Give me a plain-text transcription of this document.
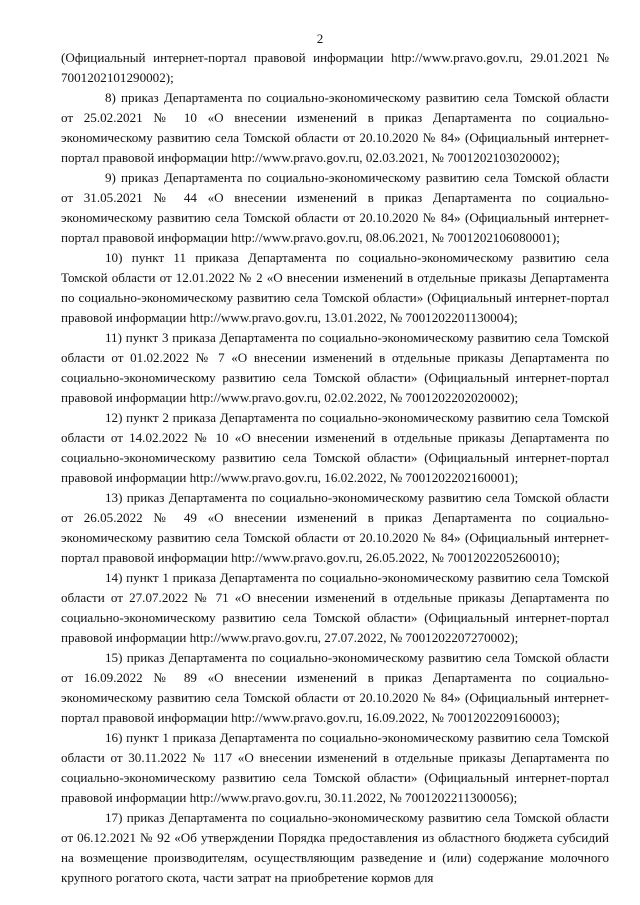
2

(Официальный интернет-портал правовой информации http://www.pravo.gov.ru, 29.01.2021 № 7001202101290002);

8) приказ Департамента по социально-экономическому развитию села Томской области от 25.02.2021 № 10 «О внесении изменений в приказ Департамента по социально-экономическому развитию села Томской области от 20.10.2020 № 84» (Официальный интернет-портал правовой информации http://www.pravo.gov.ru, 02.03.2021, № 7001202103020002);

9) приказ Департамента по социально-экономическому развитию села Томской области от 31.05.2021 № 44 «О внесении изменений в приказ Департамента по социально-экономическому развитию села Томской области от 20.10.2020 № 84» (Официальный интернет-портал правовой информации http://www.pravo.gov.ru, 08.06.2021, № 7001202106080001);

10) пункт 11 приказа Департамента по социально-экономическому развитию села Томской области от 12.01.2022 № 2 «О внесении изменений в отдельные приказы Департамента по социально-экономическому развитию села Томской области» (Официальный интернет-портал правовой информации http://www.pravo.gov.ru, 13.01.2022, № 7001202201130004);

11) пункт 3 приказа Департамента по социально-экономическому развитию села Томской области от 01.02.2022 № 7 «О внесении изменений в отдельные приказы Департамента по социально-экономическому развитию села Томской области» (Официальный интернет-портал правовой информации http://www.pravo.gov.ru, 02.02.2022, № 7001202202020002);

12) пункт 2 приказа Департамента по социально-экономическому развитию села Томской области от 14.02.2022 № 10 «О внесении изменений в отдельные приказы Департамента по социально-экономическому развитию села Томской области» (Официальный интернет-портал правовой информации http://www.pravo.gov.ru, 16.02.2022, № 7001202202160001);

13) приказ Департамента по социально-экономическому развитию села Томской области от 26.05.2022 № 49 «О внесении изменений в приказ Департамента по социально-экономическому развитию села Томской области от 20.10.2020 № 84» (Официальный интернет-портал правовой информации http://www.pravo.gov.ru, 26.05.2022, № 7001202205260010);

14) пункт 1 приказа Департамента по социально-экономическому развитию села Томской области от 27.07.2022 № 71 «О внесении изменений в отдельные приказы Департамента по социально-экономическому развитию села Томской области» (Официальный интернет-портал правовой информации http://www.pravo.gov.ru, 27.07.2022, № 7001202207270002);

15) приказ Департамента по социально-экономическому развитию села Томской области от 16.09.2022 № 89 «О внесении изменений в приказ Департамента по социально-экономическому развитию села Томской области от 20.10.2020 № 84» (Официальный интернет-портал правовой информации http://www.pravo.gov.ru, 16.09.2022, № 7001202209160003);

16) пункт 1 приказа Департамента по социально-экономическому развитию села Томской области от 30.11.2022 № 117 «О внесении изменений в отдельные приказы Департамента по социально-экономическому развитию села Томской области» (Официальный интернет-портал правовой информации http://www.pravo.gov.ru, 30.11.2022, № 7001202211300056);

17) приказ Департамента по социально-экономическому развитию села Томской области от 06.12.2021 № 92 «Об утверждении Порядка предоставления из областного бюджета субсидий на возмещение производителям, осуществляющим разведение и (или) содержание молочного крупного рогатого скота, части затрат на приобретение кормов для
